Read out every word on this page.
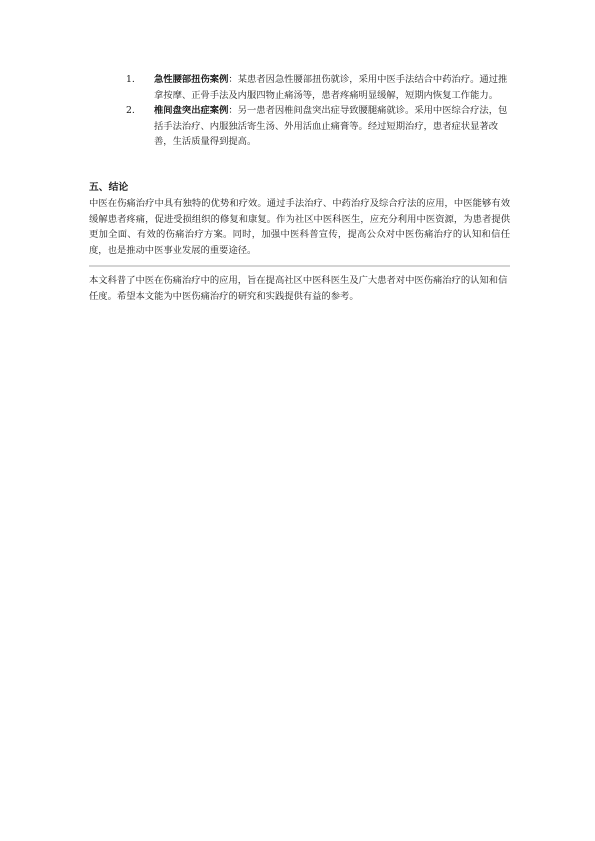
1. 急性腰部扭伤案例：某患者因急性腰部扭伤就诊，采用中医手法结合中药治疗。通过推拿按摩、正骨手法及内服四物止痛汤等，患者疼痛明显缓解，短期内恢复工作能力。
2. 椎间盘突出症案例：另一患者因椎间盘突出症导致腰腿痛就诊。采用中医综合疗法，包括手法治疗、内服独活寄生汤、外用活血止痛膏等。经过短期治疗，患者症状显著改善，生活质量得到提高。
五、结论
中医在伤痛治疗中具有独特的优势和疗效。通过手法治疗、中药治疗及综合疗法的应用，中医能够有效缓解患者疼痛，促进受损组织的修复和康复。作为社区中医科医生，应充分利用中医资源，为患者提供更加全面、有效的伤痛治疗方案。同时，加强中医科普宣传，提高公众对中医伤痛治疗的认知和信任度，也是推动中医事业发展的重要途径。
本文科普了中医在伤痛治疗中的应用，旨在提高社区中医科医生及广大患者对中医伤痛治疗的认知和信任度。希望本文能为中医伤痛治疗的研究和实践提供有益的参考。
